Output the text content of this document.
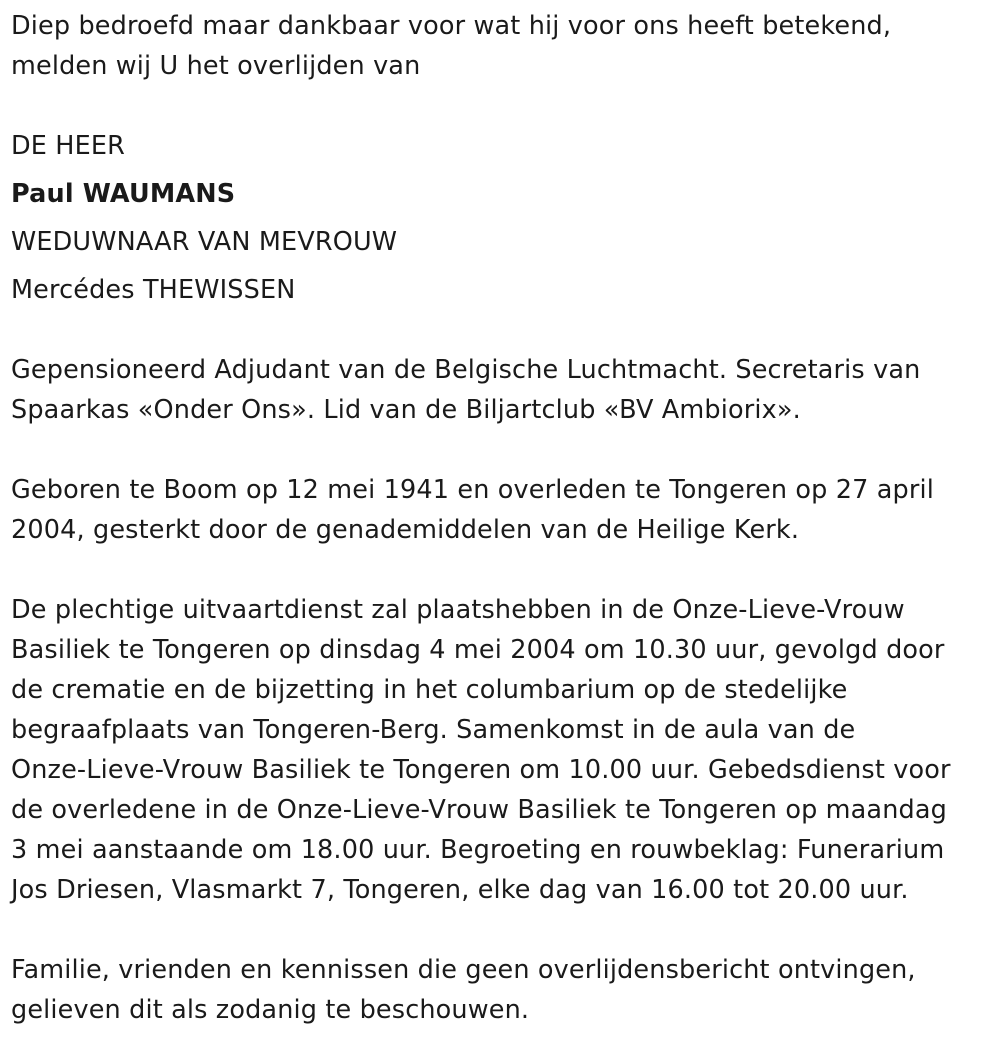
Diep bedroefd maar dankbaar voor wat hij voor ons heeft betekend,
melden wij U het overlijden van
DE HEER
Paul WAUMANS
WEDUWNAAR VAN MEVROUW
Mercédes THEWISSEN
Gepensioneerd Adjudant van de Belgische Luchtmacht. Secretaris van
Spaarkas «Onder Ons». Lid van de Biljartclub «BV Ambiorix».
Geboren te Boom op 12 mei 1941 en overleden te Tongeren op 27 april
2004, gesterkt door de genademiddelen van de Heilige Kerk.
De plechtige uitvaartdienst zal plaatshebben in de Onze-Lieve-Vrouw
Basiliek te Tongeren op dinsdag 4 mei 2004 om 10.30 uur, gevolgd door
de crematie en de bijzetting in het columbarium op de stedelijke
begraafplaats van Tongeren-Berg. Samenkomst in de aula van de
Onze-Lieve-Vrouw Basiliek te Tongeren om 10.00 uur. Gebedsdienst voor
de overledene in de Onze-Lieve-Vrouw Basiliek te Tongeren op maandag
3 mei aanstaande om 18.00 uur. Begroeting en rouwbeklag: Funerarium
Jos Driesen, Vlasmarkt 7, Tongeren, elke dag van 16.00 tot 20.00 uur.
Familie, vrienden en kennissen die geen overlijdensbericht ontvingen,
gelieven dit als zodanig te beschouwen.
